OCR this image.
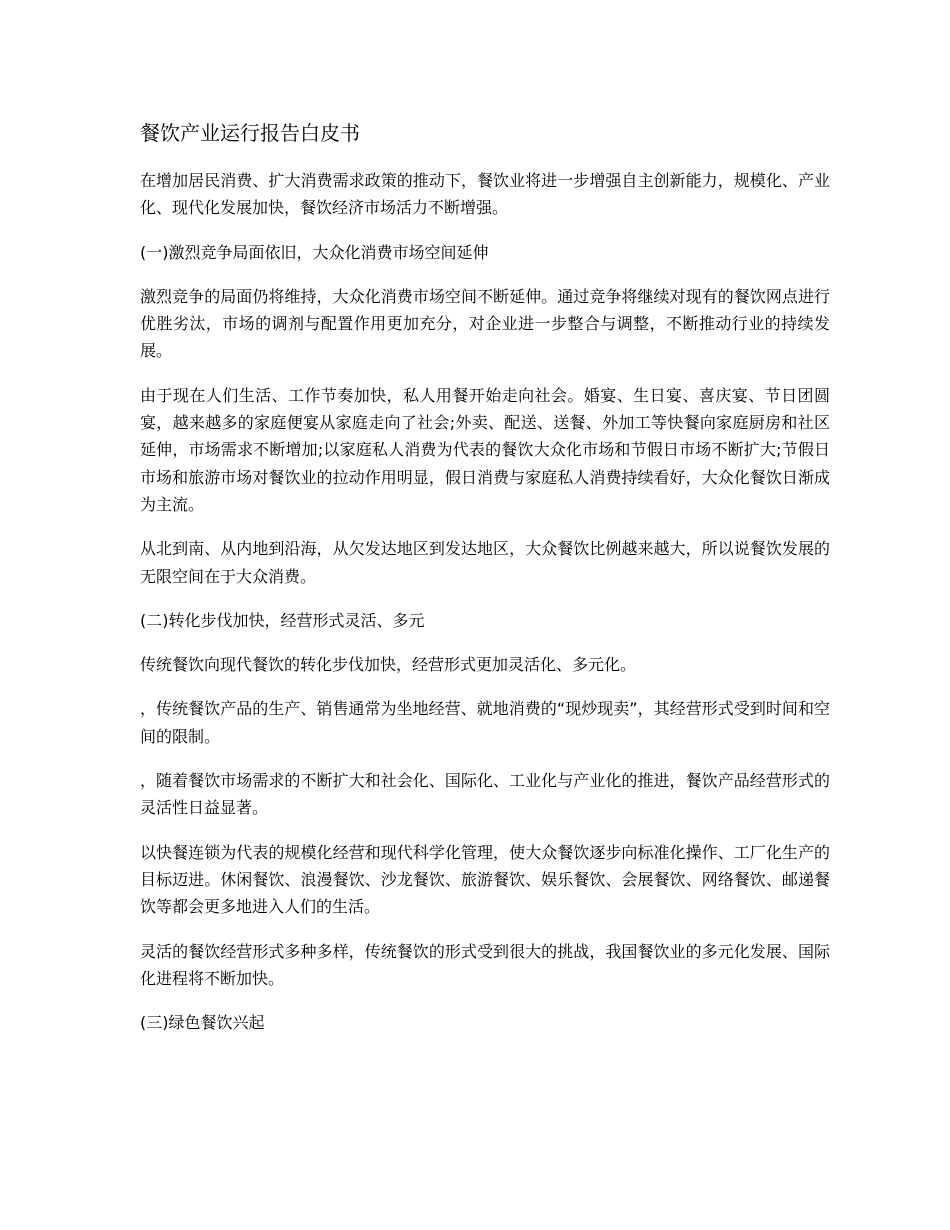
餐饮产业运行报告白皮书

在增加居民消费、扩大消费需求政策的推动下，餐饮业将进一步增强自主创新能力，规模化、产业化、现代化发展加快，餐饮经济市场活力不断增强。

(一)激烈竞争局面依旧，大众化消费市场空间延伸

激烈竞争的局面仍将维持，大众化消费市场空间不断延伸。通过竞争将继续对现有的餐饮网点进行优胜劣汰，市场的调剂与配置作用更加充分，对企业进一步整合与调整，不断推动行业的持续发展。

由于现在人们生活、工作节奏加快，私人用餐开始走向社会。婚宴、生日宴、喜庆宴、节日团圆宴，越来越多的家庭便宴从家庭走向了社会;外卖、配送、送餐、外加工等快餐向家庭厨房和社区延伸，市场需求不断增加;以家庭私人消费为代表的餐饮大众化市场和节假日市场不断扩大;节假日市场和旅游市场对餐饮业的拉动作用明显，假日消费与家庭私人消费持续看好，大众化餐饮日渐成为主流。

从北到南、从内地到沿海，从欠发达地区到发达地区，大众餐饮比例越来越大，所以说餐饮发展的无限空间在于大众消费。

(二)转化步伐加快，经营形式灵活、多元

传统餐饮向现代餐饮的转化步伐加快，经营形式更加灵活化、多元化。

，传统餐饮产品的生产、销售通常为坐地经营、就地消费的“现炒现卖”，其经营形式受到时间和空间的限制。

，随着餐饮市场需求的不断扩大和社会化、国际化、工业化与产业化的推进，餐饮产品经营形式的灵活性日益显著。

以快餐连锁为代表的规模化经营和现代科学化管理，使大众餐饮逐步向标准化操作、工厂化生产的目标迈进。休闲餐饮、浪漫餐饮、沙龙餐饮、旅游餐饮、娱乐餐饮、会展餐饮、网络餐饮、邮递餐饮等都会更多地进入人们的生活。

灵活的餐饮经营形式多种多样，传统餐饮的形式受到很大的挑战，我国餐饮业的多元化发展、国际化进程将不断加快。

(三)绿色餐饮兴起
